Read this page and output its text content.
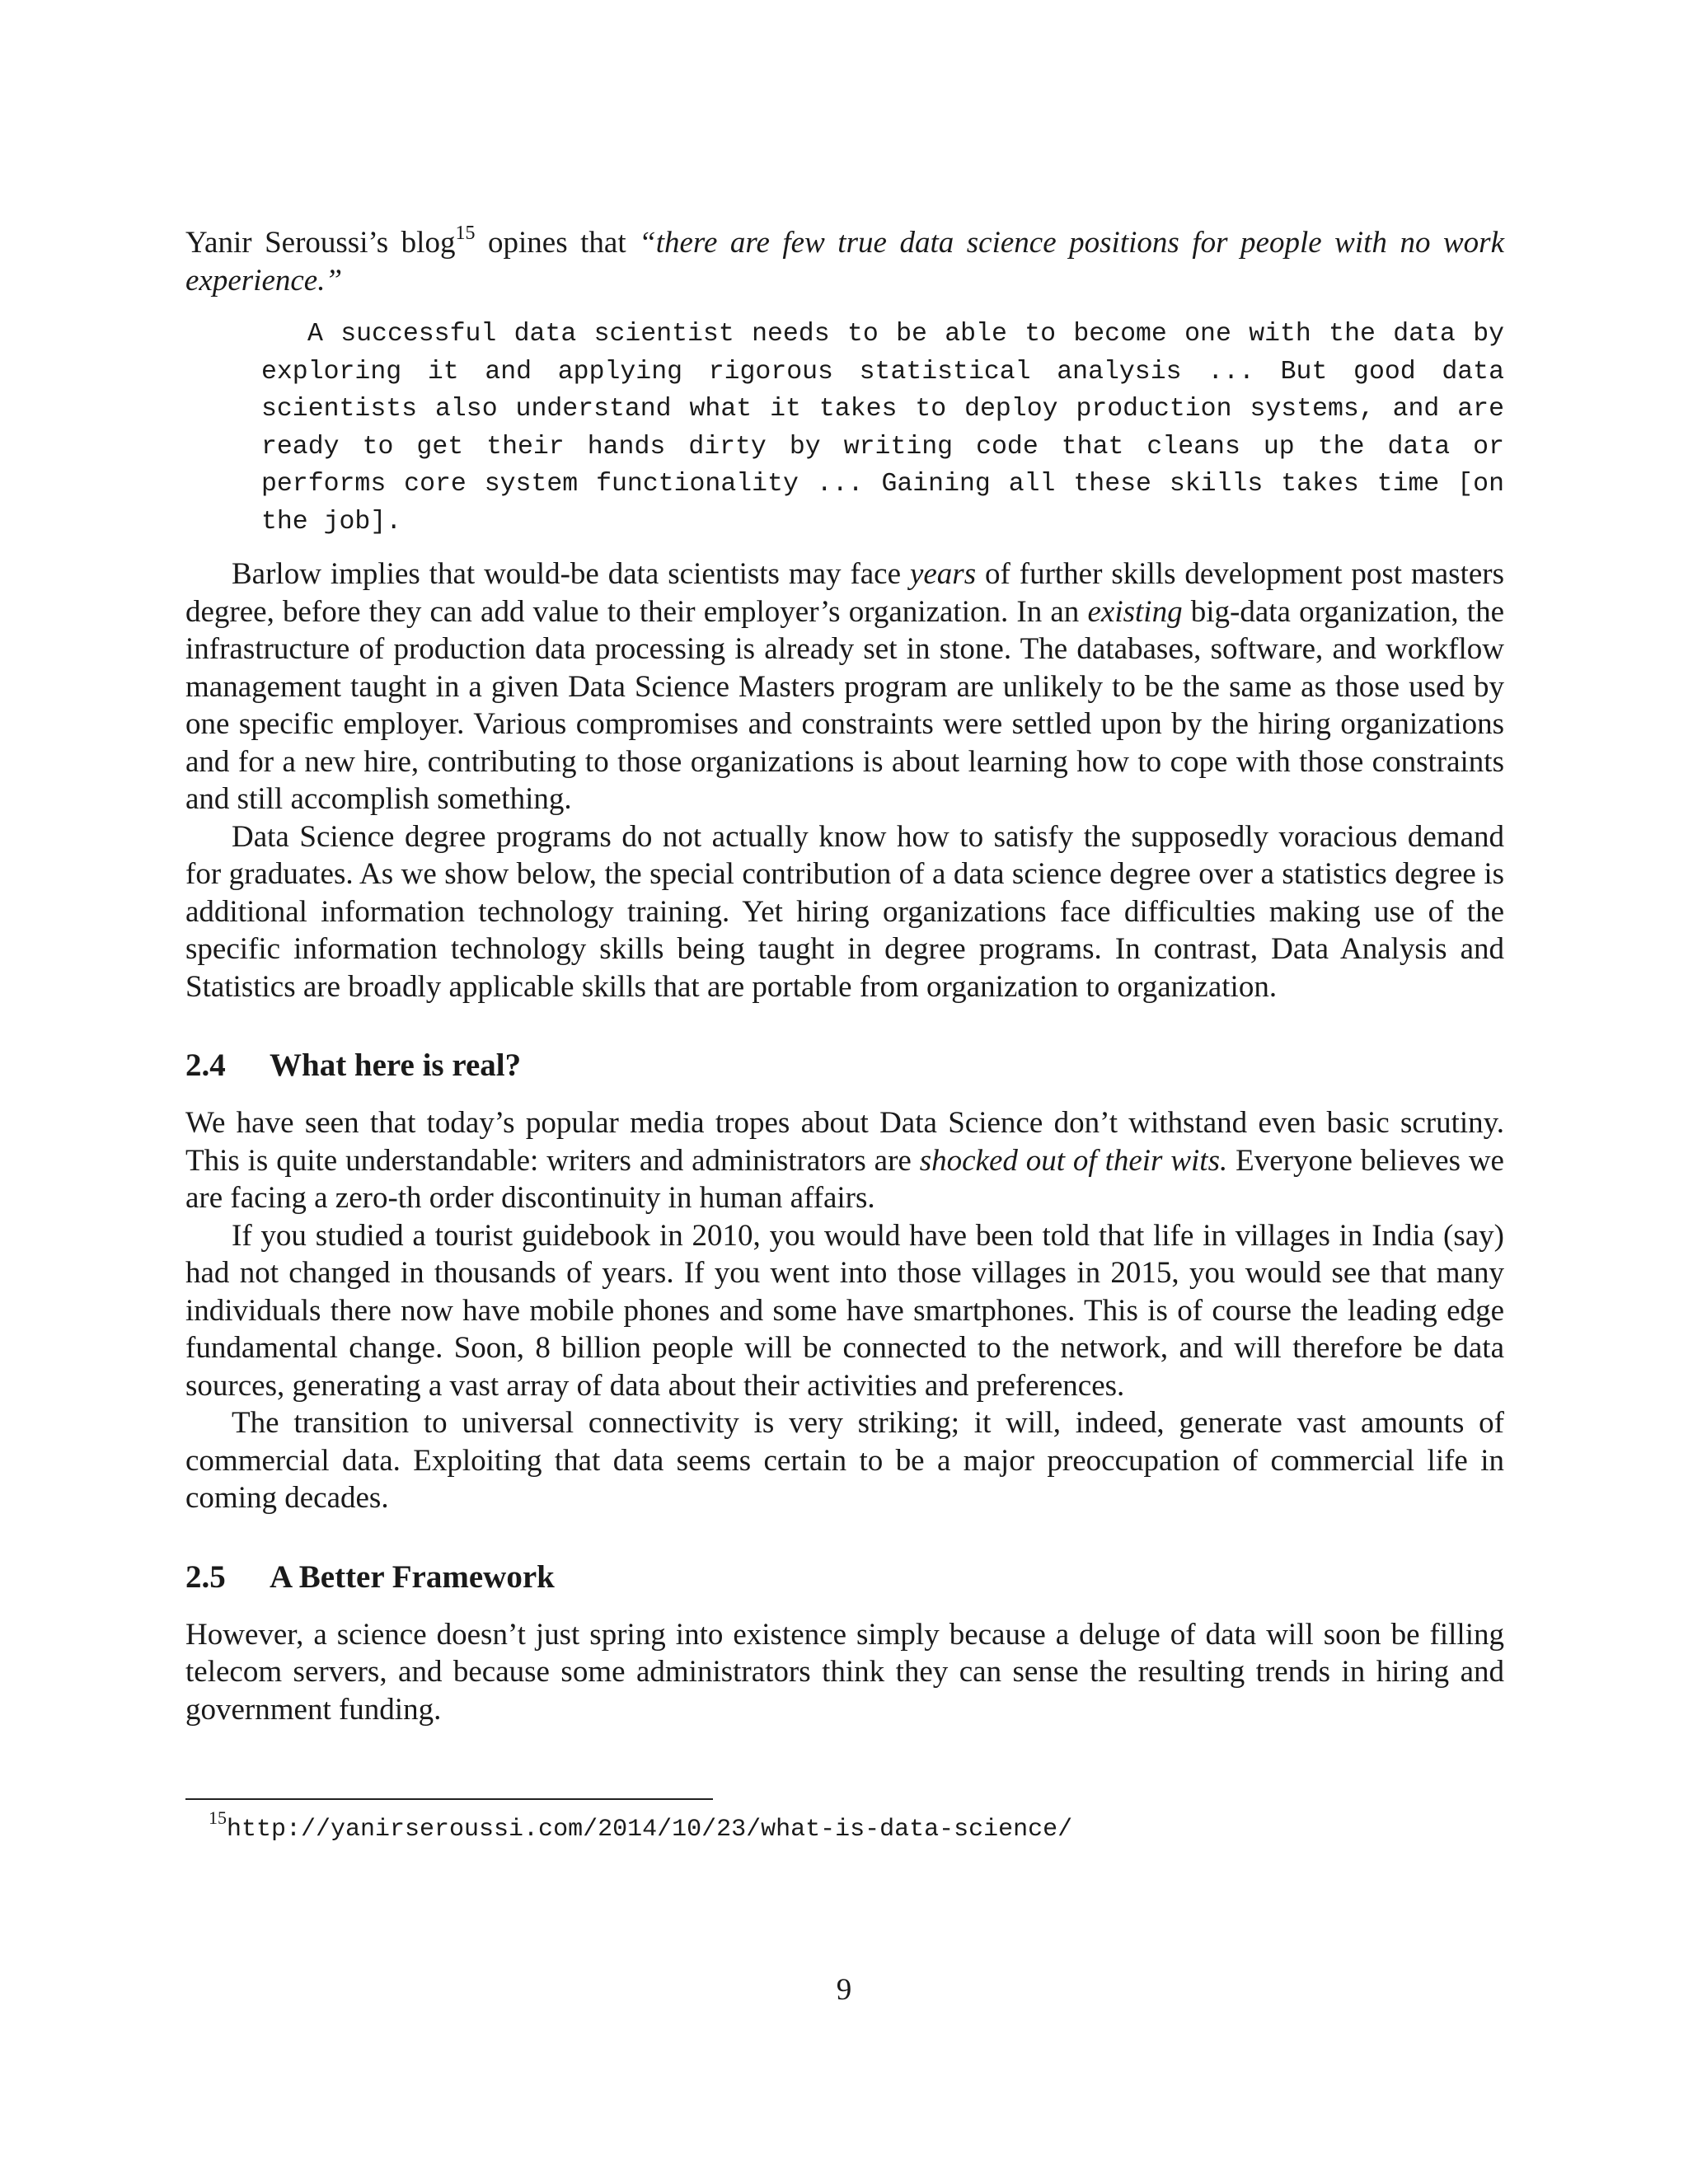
Yanir Seroussi’s blog$^{15}$ opines that “there are few true data science positions for people with no work experience.”

A successful data scientist needs to be able to become one with the data by exploring it and applying rigorous statistical analysis ... But good data scientists also understand what it takes to deploy production systems, and are ready to get their hands dirty by writing code that cleans up the data or performs core system functionality ... Gaining all these skills takes time [on the job].

Barlow implies that would-be data scientists may face years of further skills development post masters degree, before they can add value to their employer’s organization. In an existing big-data organization, the infrastructure of production data processing is already set in stone. The databases, software, and workflow management taught in a given Data Science Masters program are unlikely to be the same as those used by one specific employer. Various compromises and constraints were settled upon by the hiring organizations and for a new hire, contributing to those organizations is about learning how to cope with those constraints and still accomplish something.

Data Science degree programs do not actually know how to satisfy the supposedly voracious demand for graduates. As we show below, the special contribution of a data science degree over a statistics degree is additional information technology training. Yet hiring organizations face difficulties making use of the specific information technology skills being taught in degree programs. In contrast, Data Analysis and Statistics are broadly applicable skills that are portable from organization to organization.

2.4 What here is real?

We have seen that today’s popular media tropes about Data Science don’t withstand even basic scrutiny. This is quite understandable: writers and administrators are shocked out of their wits. Everyone believes we are facing a zero-th order discontinuity in human affairs.

If you studied a tourist guidebook in 2010, you would have been told that life in villages in India (say) had not changed in thousands of years. If you went into those villages in 2015, you would see that many individuals there now have mobile phones and some have smartphones. This is of course the leading edge fundamental change. Soon, 8 billion people will be connected to the network, and will therefore be data sources, generating a vast array of data about their activities and preferences.

The transition to universal connectivity is very striking; it will, indeed, generate vast amounts of commercial data. Exploiting that data seems certain to be a major preoccupation of commercial life in coming decades.

2.5 A Better Framework

However, a science doesn’t just spring into existence simply because a deluge of data will soon be filling telecom servers, and because some administrators think they can sense the resulting trends in hiring and government funding.

$^{15}$http://yanirseroussi.com/2014/10/23/what-is-data-science/
9
